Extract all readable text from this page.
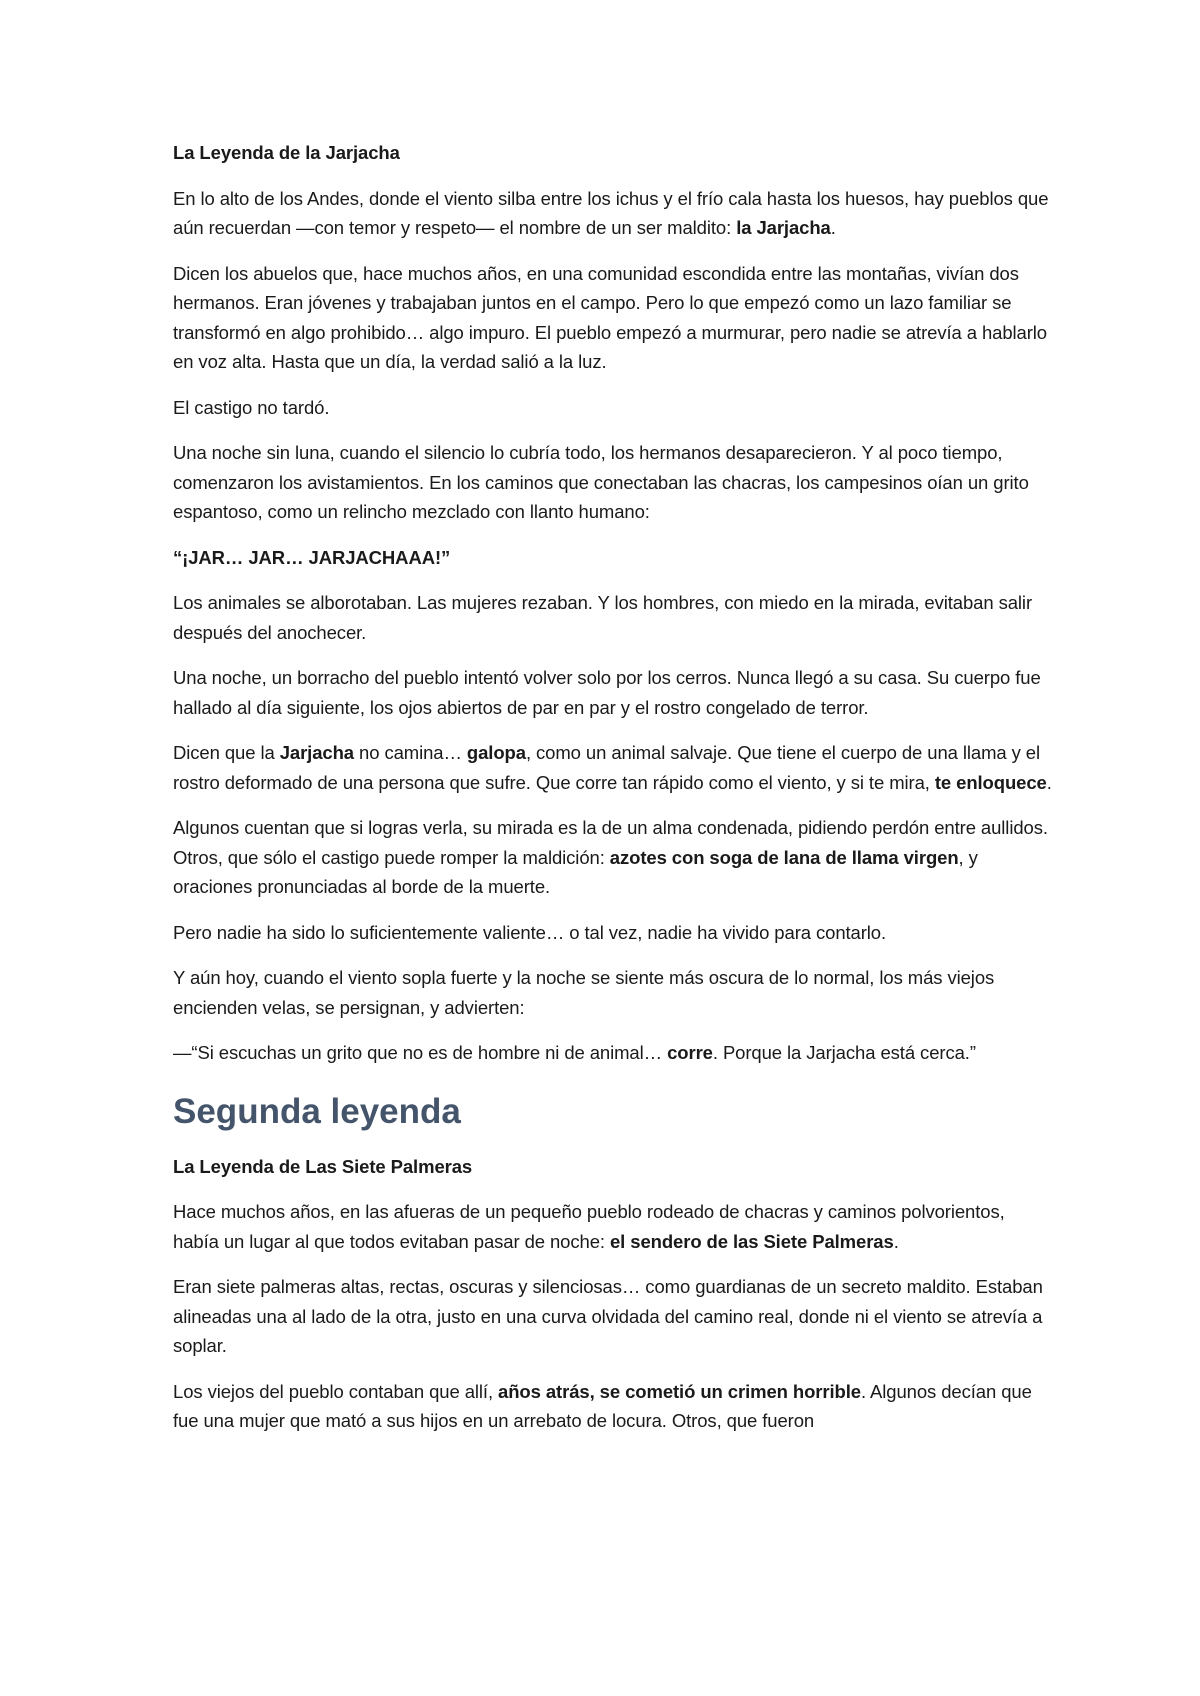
La Leyenda de la Jarjacha

En lo alto de los Andes, donde el viento silba entre los ichus y el frío cala hasta los huesos, hay pueblos que aún recuerdan —con temor y respeto— el nombre de un ser maldito: la Jarjacha.

Dicen los abuelos que, hace muchos años, en una comunidad escondida entre las montañas, vivían dos hermanos. Eran jóvenes y trabajaban juntos en el campo. Pero lo que empezó como un lazo familiar se transformó en algo prohibido… algo impuro. El pueblo empezó a murmurar, pero nadie se atrevía a hablarlo en voz alta. Hasta que un día, la verdad salió a la luz.

El castigo no tardó.

Una noche sin luna, cuando el silencio lo cubría todo, los hermanos desaparecieron. Y al poco tiempo, comenzaron los avistamientos. En los caminos que conectaban las chacras, los campesinos oían un grito espantoso, como un relincho mezclado con llanto humano:

“¡JAR… JAR… JARJACHAAA!”

Los animales se alborotaban. Las mujeres rezaban. Y los hombres, con miedo en la mirada, evitaban salir después del anochecer.

Una noche, un borracho del pueblo intentó volver solo por los cerros. Nunca llegó a su casa. Su cuerpo fue hallado al día siguiente, los ojos abiertos de par en par y el rostro congelado de terror.

Dicen que la Jarjacha no camina… galopa, como un animal salvaje. Que tiene el cuerpo de una llama y el rostro deformado de una persona que sufre. Que corre tan rápido como el viento, y si te mira, te enloquece.

Algunos cuentan que si logras verla, su mirada es la de un alma condenada, pidiendo perdón entre aullidos. Otros, que sólo el castigo puede romper la maldición: azotes con soga de lana de llama virgen, y oraciones pronunciadas al borde de la muerte.

Pero nadie ha sido lo suficientemente valiente… o tal vez, nadie ha vivido para contarlo.

Y aún hoy, cuando el viento sopla fuerte y la noche se siente más oscura de lo normal, los más viejos encienden velas, se persignan, y advierten:

—“Si escuchas un grito que no es de hombre ni de animal… corre. Porque la Jarjacha está cerca.”

Segunda leyenda

La Leyenda de Las Siete Palmeras

Hace muchos años, en las afueras de un pequeño pueblo rodeado de chacras y caminos polvorientos, había un lugar al que todos evitaban pasar de noche: el sendero de las Siete Palmeras.

Eran siete palmeras altas, rectas, oscuras y silenciosas… como guardianas de un secreto maldito. Estaban alineadas una al lado de la otra, justo en una curva olvidada del camino real, donde ni el viento se atrevía a soplar.

Los viejos del pueblo contaban que allí, años atrás, se cometió un crimen horrible. Algunos decían que fue una mujer que mató a sus hijos en un arrebato de locura. Otros, que fueron
